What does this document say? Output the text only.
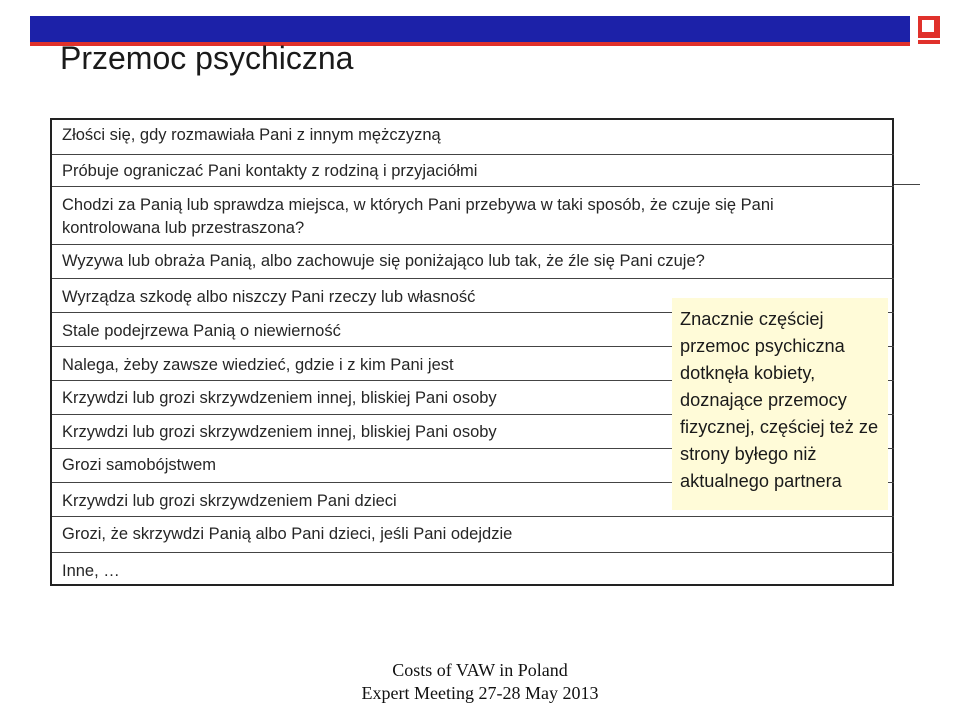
Przemoc psychiczna
Złości się, gdy rozmawiała Pani z innym mężczyzną
Próbuje ograniczać Pani kontakty z rodziną i przyjaciółmi
Chodzi za Panią lub sprawdza miejsca, w których Pani przebywa w taki sposób, że czuje się Pani kontrolowana lub przestraszona?
Wyzywa lub obraża Panią, albo zachowuje się poniżająco lub tak, że źle się Pani czuje?
Wyrządza szkodę albo niszczy Pani rzeczy lub własność
Stale podejrzewa Panią o niewierność
Nalega, żeby zawsze wiedzieć, gdzie i z kim Pani jest
Krzywdzi lub grozi skrzywdzeniem innej, bliskiej Pani osoby
Krzywdzi lub grozi skrzywdzeniem innej, bliskiej Pani osoby
Grozi samobójstwem
Krzywdzi lub grozi skrzywdzeniem Pani dzieci
Grozi, że skrzywdzi Panią albo Pani dzieci, jeśli Pani odejdzie
Inne, …
Znacznie częściej przemoc psychiczna dotknęła kobiety, doznające przemocy fizycznej, częściej też ze strony byłego niż aktualnego partnera
Costs of VAW in Poland
Expert Meeting 27-28 May 2013
